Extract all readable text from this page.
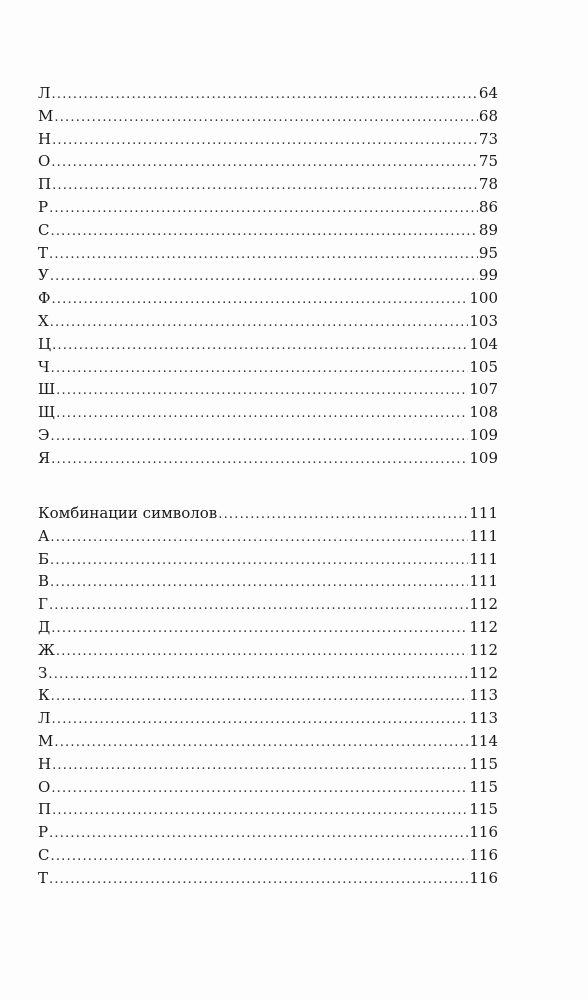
Л .....	64
М .....	68
Н .....	73
О .....	75
П .....	78
Р .....	86
С .....	89
Т .....	95
У .....	99
Ф .....	100
Х .....	103
Ц .....	104
Ч .....	105
Ш .....	107
Щ .....	108
Э .....	109
Я .....	109
Комбинации символов .....	111
А .....	111
Б .....	111
В .....	111
Г .....	112
Д .....	112
Ж .....	112
З .....	112
К .....	113
Л .....	113
М .....	114
Н .....	115
О .....	115
П .....	115
Р .....	116
С .....	116
Т .....	116
